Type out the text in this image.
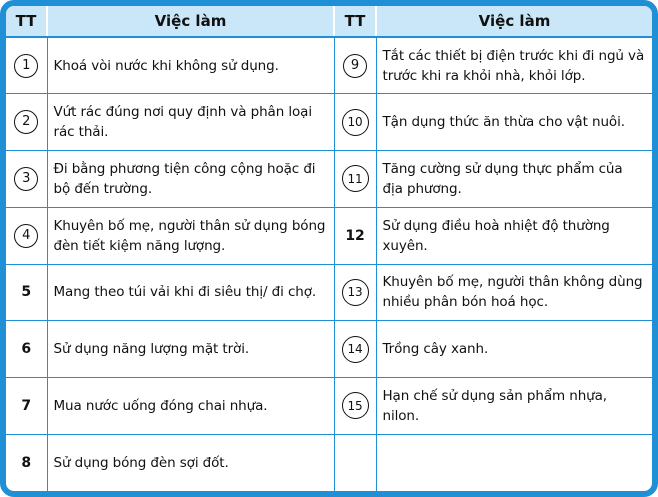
TT	Việc làm	TT	Việc làm
1	Khoá vòi nước khi không sử dụng.	9	Tắt các thiết bị điện trước khi đi ngủ và trước khi ra khỏi nhà, khỏi lớp.
2	Vứt rác đúng nơi quy định và phân loại rác thải.	10	Tận dụng thức ăn thừa cho vật nuôi.
3	Đi bằng phương tiện công cộng hoặc đi bộ đến trường.	11	Tăng cường sử dụng thực phẩm của địa phương.
4	Khuyên bố mẹ, người thân sử dụng bóng đèn tiết kiệm năng lượng.	12	Sử dụng điều hoà nhiệt độ thường xuyên.
5	Mang theo túi vải khi đi siêu thị/ đi chợ.	13	Khuyên bố mẹ, người thân không dùng nhiều phân bón hoá học.
6	Sử dụng năng lượng mặt trời.	14	Trồng cây xanh.
7	Mua nước uống đóng chai nhựa.	15	Hạn chế sử dụng sản phẩm nhựa, nilon.
8	Sử dụng bóng đèn sợi đốt.		
